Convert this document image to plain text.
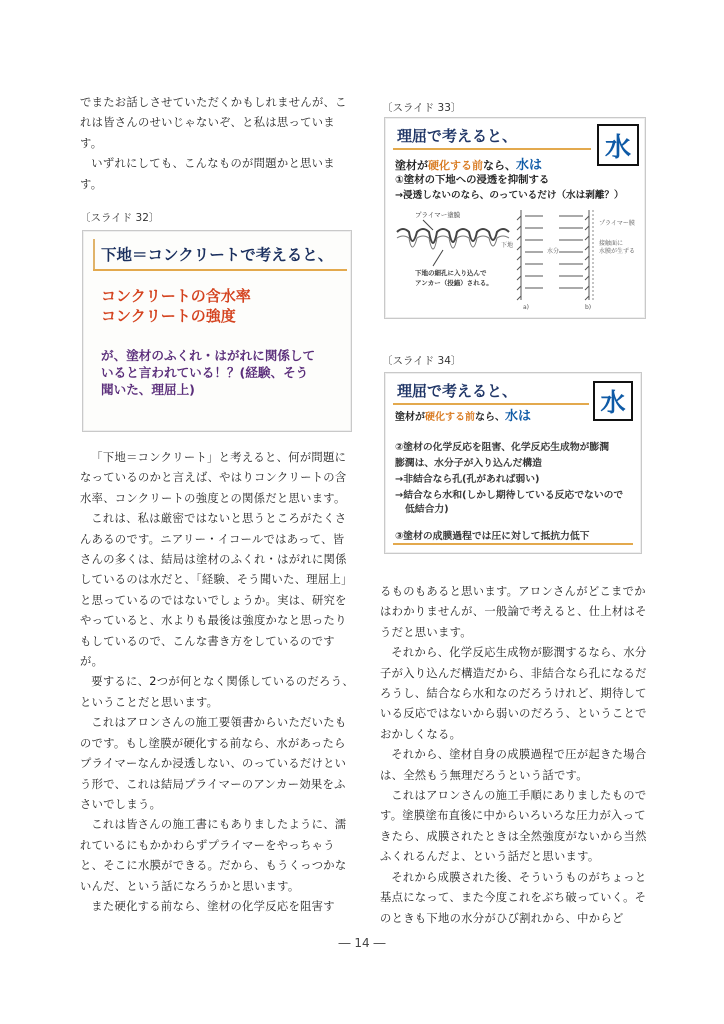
でまたお話しさせていただくかもしれませんが、これは皆さんのせいじゃないぞ、と私は思っています。

いずれにしても、こんなものが問題かと思います。

〔スライド 32〕
下地＝コンクリートで考えると、
コンクリートの含水率
コンクリートの強度
が、塗材のふくれ・はがれに関係して
いると言われている！？(経験、そう
聞いた、理屈上)

「下地＝コンクリート」と考えると、何が問題になっているのかと言えば、やはりコンクリートの含水率、コンクリートの強度との関係だと思います。

これは、私は厳密ではないと思うところがたくさんあるのです。ニアリー・イコールではあって、皆さんの多くは、結局は塗材のふくれ・はがれに関係しているのは水だと、「経験、そう聞いた、理屈上」と思っているのではないでしょうか。実は、研究をやっていると、水よりも最後は強度かなと思ったりもしているので、こんな書き方をしているのですが。

要するに、2つが何となく関係しているのだろう、ということだと思います。

これはアロンさんの施工要領書からいただいたものです。もし塗膜が硬化する前なら、水があったらプライマーなんか浸透しない、のっているだけという形で、これは結局プライマーのアンカー効果をふさいでしまう。

これは皆さんの施工書にもありましたように、濡れているにもかかわらずプライマーをやっちゃうと、そこに水膜ができる。だから、もうくっつかないんだ、という話になろうかと思います。

また硬化する前なら、塗材の化学反応を阻害す

〔スライド 33〕
理屈で考えると、	水
塗材が硬化する前なら、水は
①塗材の下地への浸透を抑制する
→浸透しないのなら、のっているだけ（水は剥離？）
プライマー塗膜
下地の細孔に入り込んで
アンカー（投錨）される。
下地
水分
プライマー膜
接触面に
水膜が生ずる
a)	b)
〔スライド 34〕
理屈で考えると、	水
塗材が硬化する前なら、水は
②塗材の化学反応を阻害、化学反応生成物が膨潤
膨潤は、水分子が入り込んだ構造
→非結合なら孔(孔があれば弱い)
→結合なら水和(しかし期待している反応でないので
低結合力)
③塗材の成膜過程では圧に対して抵抗力低下

るものもあると思います。アロンさんがどこまでかはわかりませんが、一般論で考えると、仕上材はそうだと思います。

それから、化学反応生成物が膨潤するなら、水分子が入り込んだ構造だから、非結合なら孔になるだろうし、結合なら水和なのだろうけれど、期待している反応ではないから弱いのだろう、ということでおかしくなる。

それから、塗材自身の成膜過程で圧が起きた場合は、全然もう無理だろうという話です。

これはアロンさんの施工手順にありましたものです。塗膜塗布直後に中からいろいろな圧力が入ってきたら、成膜されたときは全然強度がないから当然ふくれるんだよ、という話だと思います。

それから成膜された後、そういうものがちょっと基点になって、また今度これをぶち破っていく。そのときも下地の水分がひび割れから、中からど

― 14 ―
